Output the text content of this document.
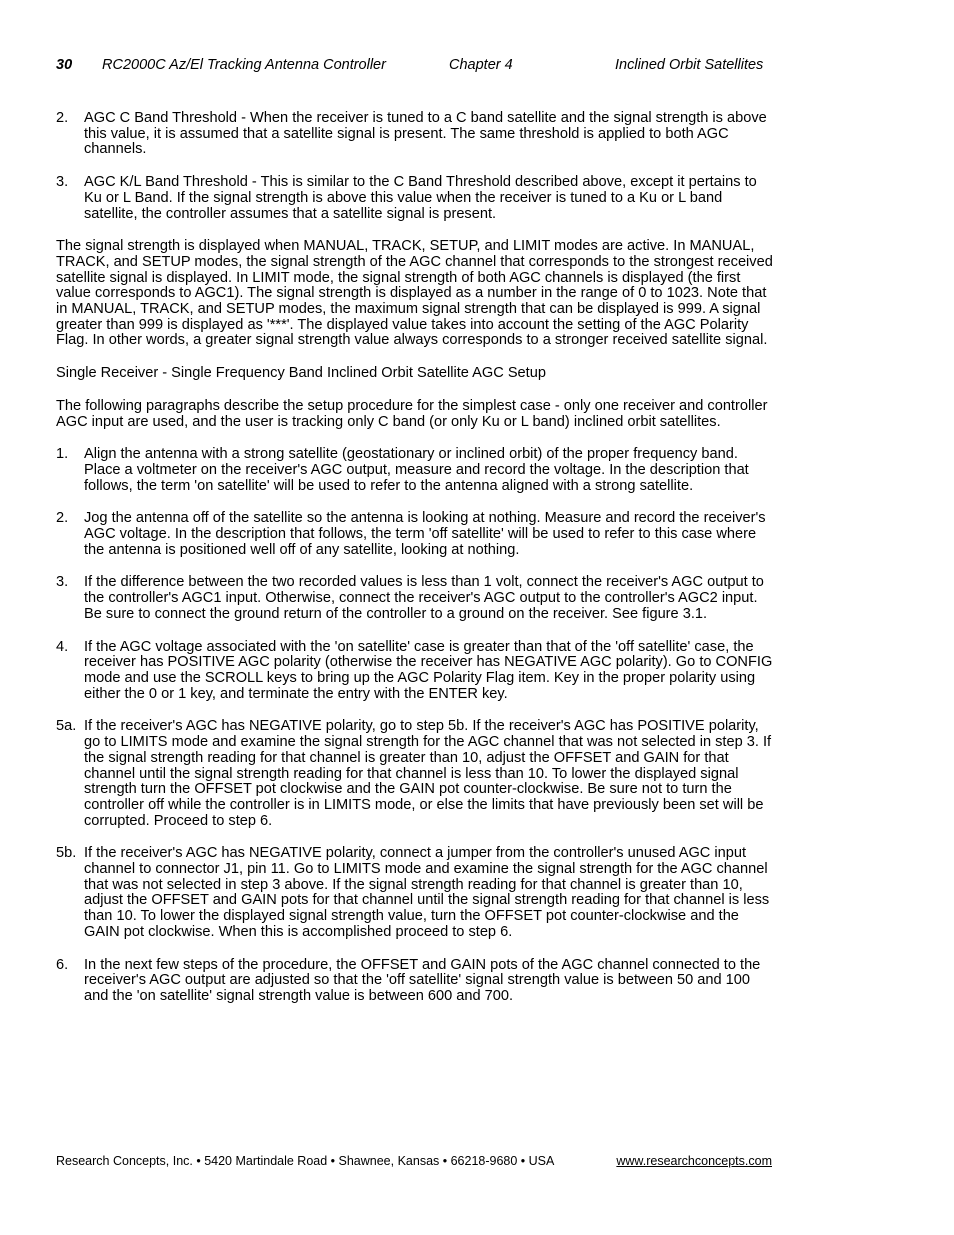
30 RC2000C Az/El Tracking Antenna Controller	Chapter 4	Inclined Orbit Satellites
2.	AGC C Band Threshold - When the receiver is tuned to a C band satellite and the signal strength is above this value, it is assumed that a satellite signal is present. The same threshold is applied to both AGC channels.
3.	AGC K/L Band Threshold - This is similar to the C Band Threshold described above, except it pertains to Ku or L Band. If the signal strength is above this value when the receiver is tuned to a Ku or L band satellite, the controller assumes that a satellite signal is present.

The signal strength is displayed when MANUAL, TRACK, SETUP, and LIMIT modes are active. In MANUAL, TRACK, and SETUP modes, the signal strength of the AGC channel that corresponds to the strongest received satellite signal is displayed. In LIMIT mode, the signal strength of both AGC channels is displayed (the first value corresponds to AGC1). The signal strength is displayed as a number in the range of 0 to 1023. Note that in MANUAL, TRACK, and SETUP modes, the maximum signal strength that can be displayed is 999. A signal greater than 999 is displayed as '***'. The displayed value takes into account the setting of the AGC Polarity Flag. In other words, a greater signal strength value always corresponds to a stronger received satellite signal.

Single Receiver - Single Frequency Band Inclined Orbit Satellite AGC Setup

The following paragraphs describe the setup procedure for the simplest case - only one receiver and controller AGC input are used, and the user is tracking only C band (or only Ku or L band) inclined orbit satellites.

1.	Align the antenna with a strong satellite (geostationary or inclined orbit) of the proper frequency band. Place a voltmeter on the receiver's AGC output, measure and record the voltage. In the description that follows, the term 'on satellite' will be used to refer to the antenna aligned with a strong satellite.
2.	Jog the antenna off of the satellite so the antenna is looking at nothing. Measure and record the receiver's AGC voltage. In the description that follows, the term 'off satellite' will be used to refer to this case where the antenna is positioned well off of any satellite, looking at nothing.
3.	If the difference between the two recorded values is less than 1 volt, connect the receiver's AGC output to the controller's AGC1 input. Otherwise, connect the receiver's AGC output to the controller's AGC2 input. Be sure to connect the ground return of the controller to a ground on the receiver. See figure 3.1.
4.	If the AGC voltage associated with the 'on satellite' case is greater than that of the 'off satellite' case, the receiver has POSITIVE AGC polarity (otherwise the receiver has NEGATIVE AGC polarity). Go to CONFIG mode and use the SCROLL keys to bring up the AGC Polarity Flag item. Key in the proper polarity using either the 0 or 1 key, and terminate the entry with the ENTER key.
5a. If the receiver's AGC has NEGATIVE polarity, go to step 5b. If the receiver's AGC has POSITIVE polarity, go to LIMITS mode and examine the signal strength for the AGC channel that was not selected in step 3. If the signal strength reading for that channel is greater than 10, adjust the OFFSET and GAIN for that channel until the signal strength reading for that channel is less than 10. To lower the displayed signal strength turn the OFFSET pot clockwise and the GAIN pot counter-clockwise. Be sure not to turn the controller off while the controller is in LIMITS mode, or else the limits that have previously been set will be corrupted. Proceed to step 6.
5b. If the receiver's AGC has NEGATIVE polarity, connect a jumper from the controller's unused AGC input channel to connector J1, pin 11. Go to LIMITS mode and examine the signal strength for the AGC channel that was not selected in step 3 above. If the signal strength reading for that channel is greater than 10, adjust the OFFSET and GAIN pots for that channel until the signal strength reading for that channel is less than 10. To lower the displayed signal strength value, turn the OFFSET pot counter-clockwise and the GAIN pot clockwise. When this is accomplished proceed to step 6.
6.	In the next few steps of the procedure, the OFFSET and GAIN pots of the AGC channel connected to the receiver's AGC output are adjusted so that the 'off satellite' signal strength value is between 50 and 100 and the 'on satellite' signal strength value is between 600 and 700.
Research Concepts, Inc. • 5420 Martindale Road • Shawnee, Kansas • 66218-9680 • USA	www.researchconcepts.com
